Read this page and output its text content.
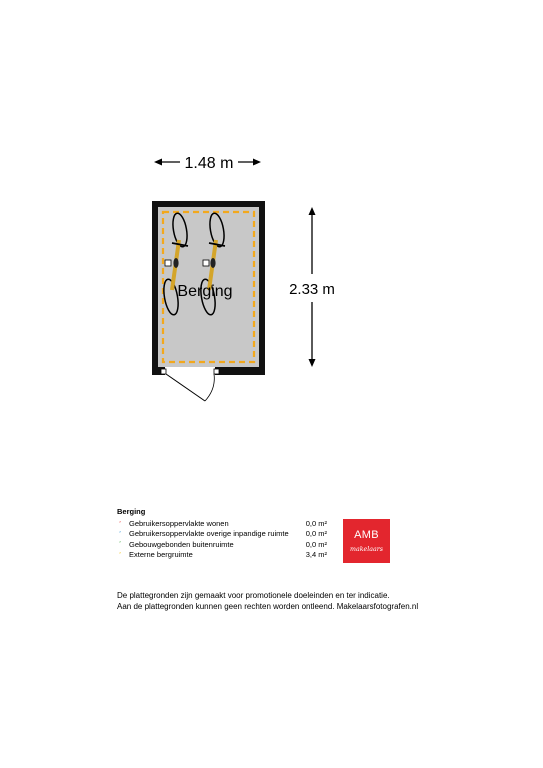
1.48 m
2.33 m
Berging
Berging
′	Gebruikersoppervlakte wonen	0,0 m²
′	Gebruikersoppervlakte overige inpandige ruimte	0,0 m²
′	Gebouwgebonden buitenruimte	0,0 m²
′	Externe bergruimte	3,4 m²
AMB
makelaars
De plattegronden zijn gemaakt voor promotionele doeleinden en ter indicatie.
Aan de plattegronden kunnen geen rechten worden ontleend. Makelaarsfotografen.nl
